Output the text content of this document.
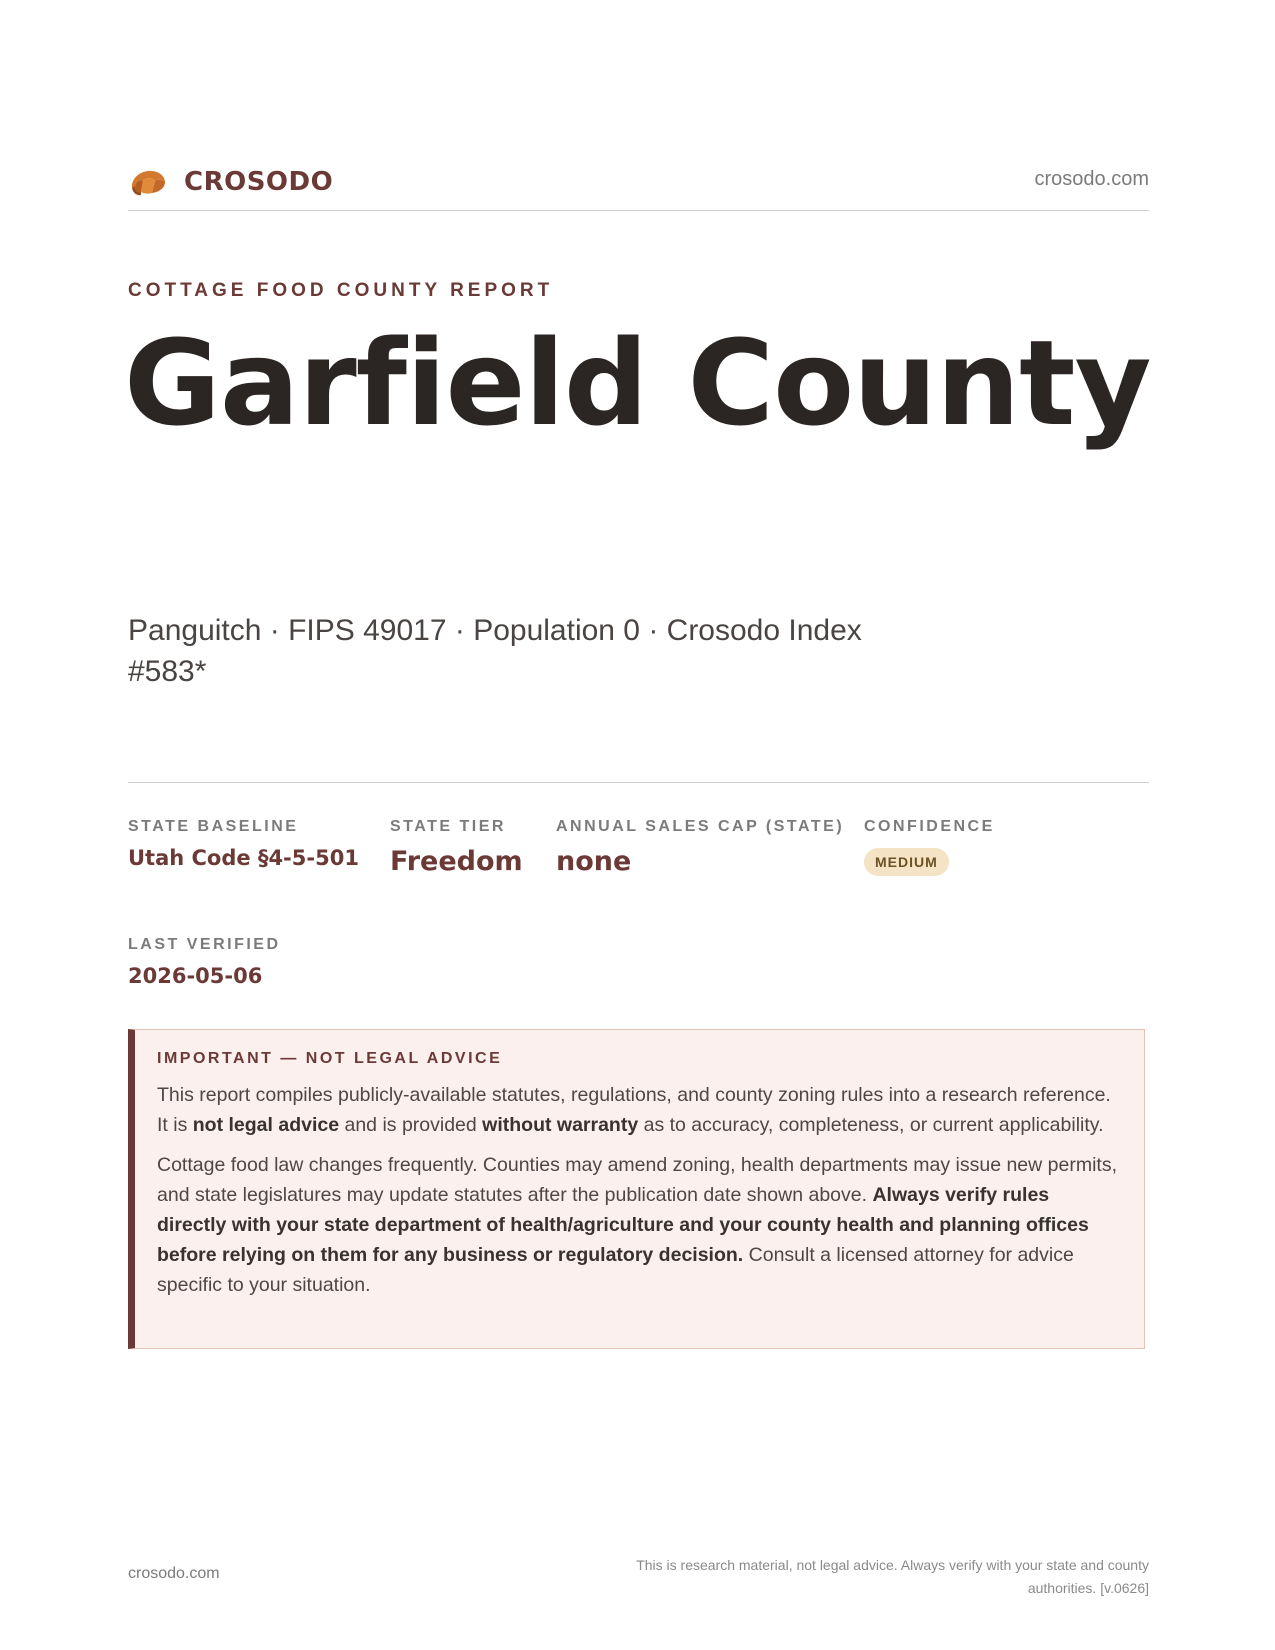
CROSODO	crosodo.com
COTTAGE FOOD COUNTY REPORT
Garfield County
Panguitch · FIPS 49017 · Population 0 · Crosodo Index #583*
STATE BASELINE
Utah Code §4-5-501
STATE TIER
Freedom
ANNUAL SALES CAP (STATE)
none
CONFIDENCE
MEDIUM
LAST VERIFIED
2026-05-06
IMPORTANT — NOT LEGAL ADVICE

This report compiles publicly-available statutes, regulations, and county zoning rules into a research reference. It is not legal advice and is provided without warranty as to accuracy, completeness, or current applicability.

Cottage food law changes frequently. Counties may amend zoning, health departments may issue new permits, and state legislatures may update statutes after the publication date shown above. Always verify rules directly with your state department of health/agriculture and your county health and planning offices before relying on them for any business or regulatory decision. Consult a licensed attorney for advice specific to your situation.

crosodo.com	This is research material, not legal advice. Always verify with your state and county authorities. [v.0626]
